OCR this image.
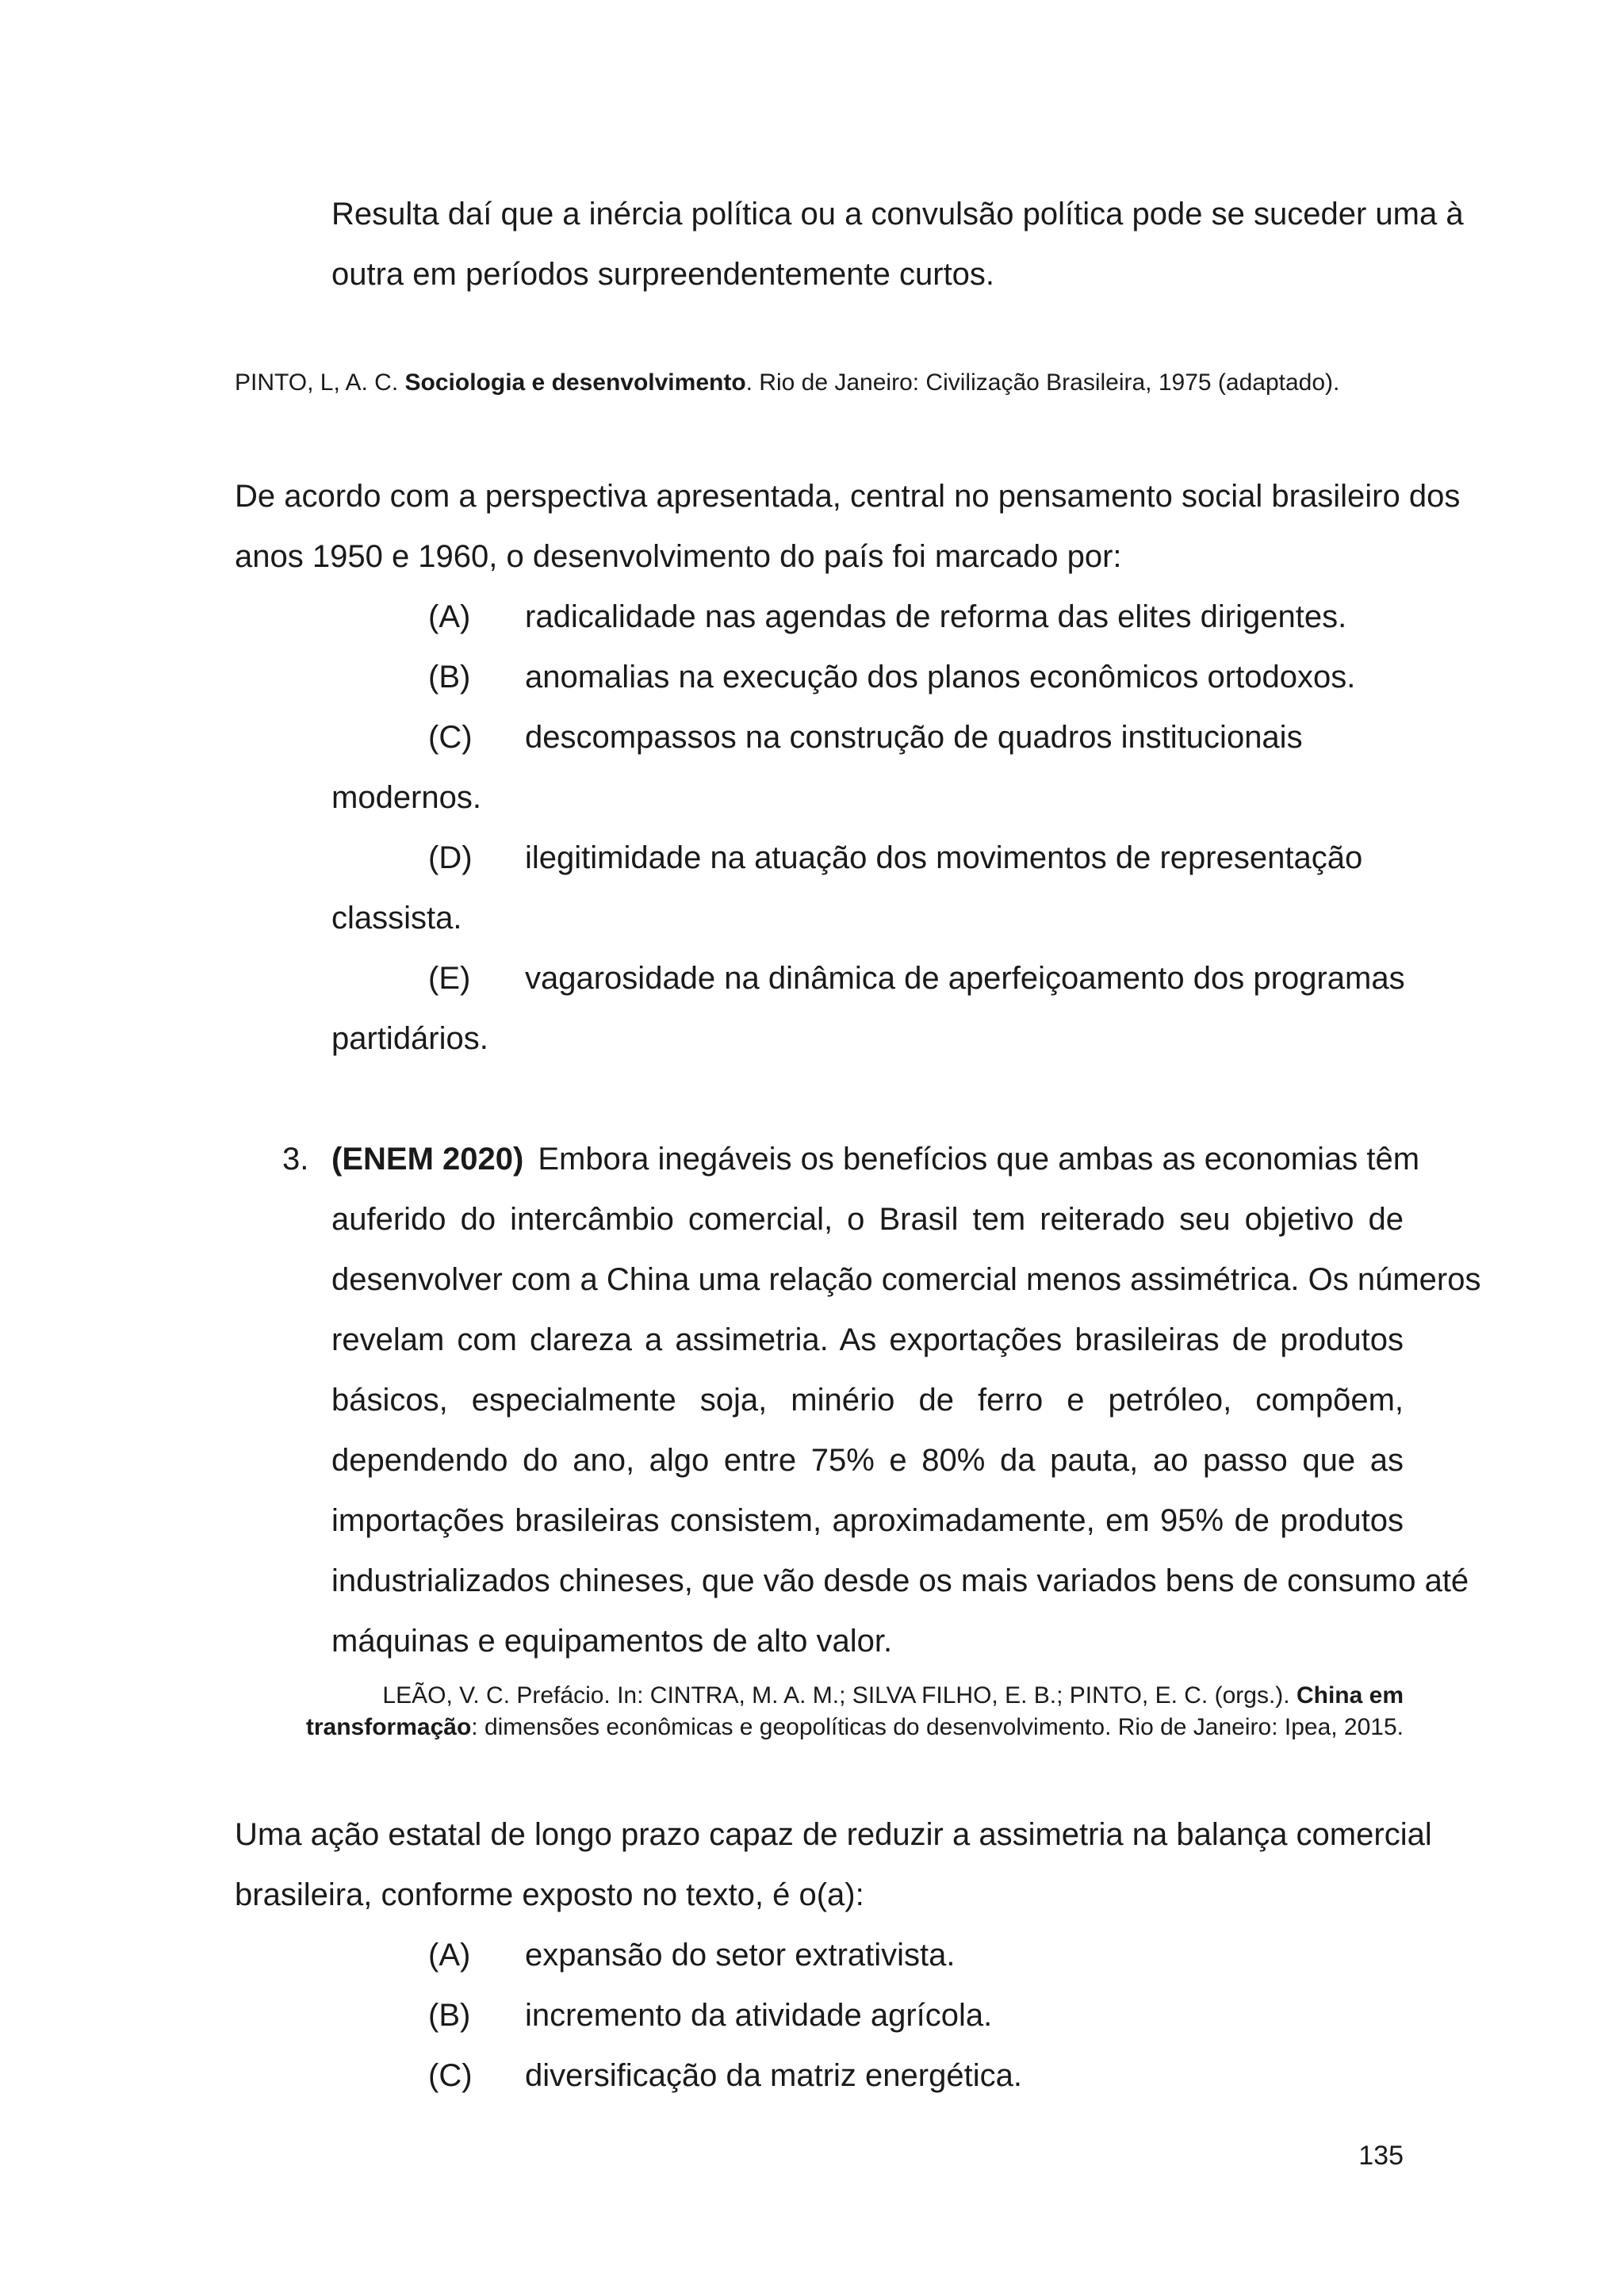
Resulta daí que a inércia política ou a convulsão política pode se suceder uma à
outra em períodos surpreendentemente curtos.
PINTO, L, A. C. Sociologia e desenvolvimento. Rio de Janeiro: Civilização Brasileira, 1975 (adaptado).
De acordo com a perspectiva apresentada, central no pensamento social brasileiro dos
anos 1950 e 1960, o desenvolvimento do país foi marcado por:
(A) radicalidade nas agendas de reforma das elites dirigentes.
(B) anomalias na execução dos planos econômicos ortodoxos.
(C) descompassos na construção de quadros institucionais
modernos.
(D) ilegitimidade na atuação dos movimentos de representação
classista.
(E) vagarosidade na dinâmica de aperfeiçoamento dos programas
partidários.
3. (ENEM 2020) Embora inegáveis os benefícios que ambas as economias têm
auferido do intercâmbio comercial, o Brasil tem reiterado seu objetivo de
desenvolver com a China uma relação comercial menos assimétrica. Os números
revelam com clareza a assimetria. As exportações brasileiras de produtos
básicos, especialmente soja, minério de ferro e petróleo, compõem,
dependendo do ano, algo entre 75% e 80% da pauta, ao passo que as
importações brasileiras consistem, aproximadamente, em 95% de produtos
industrializados chineses, que vão desde os mais variados bens de consumo até
máquinas e equipamentos de alto valor.
LEÃO, V. C. Prefácio. In: CINTRA, M. A. M.; SILVA FILHO, E. B.; PINTO, E. C. (orgs.). China em
transformação: dimensões econômicas e geopolíticas do desenvolvimento. Rio de Janeiro: Ipea, 2015.
Uma ação estatal de longo prazo capaz de reduzir a assimetria na balança comercial
brasileira, conforme exposto no texto, é o(a):
(A) expansão do setor extrativista.
(B) incremento da atividade agrícola.
(C) diversificação da matriz energética.
135
